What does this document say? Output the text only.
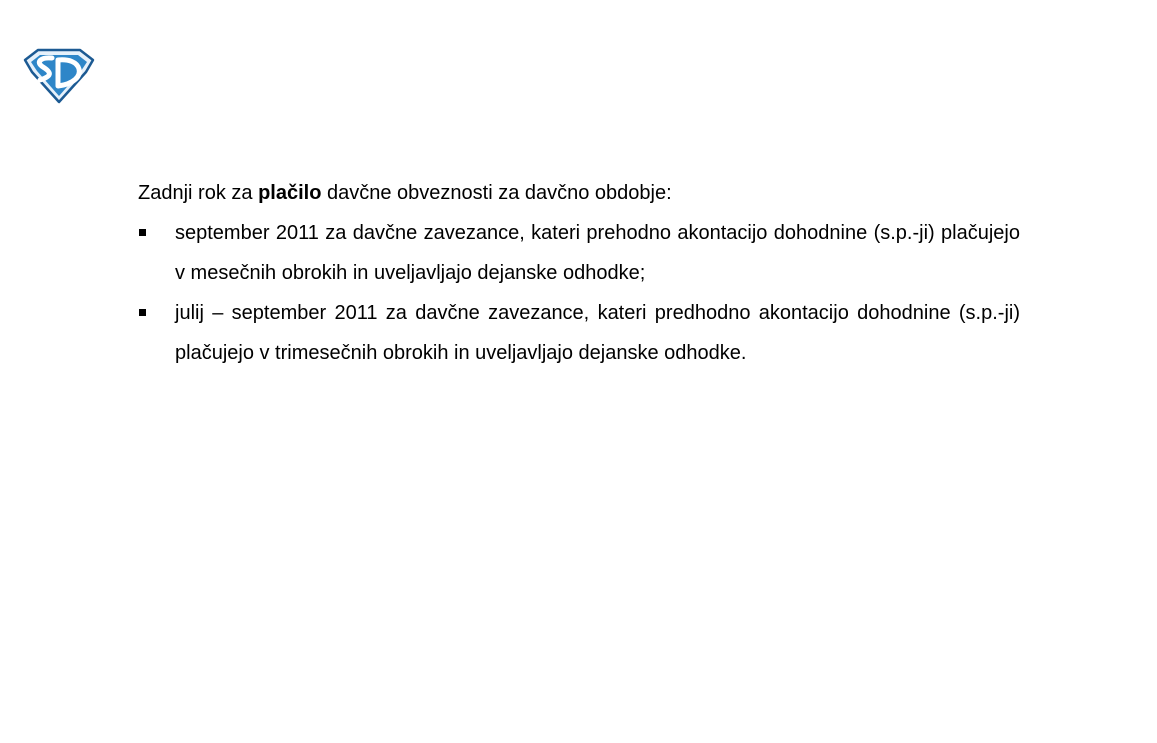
Zadnji rok za plačilo davčne obveznosti za davčno obdobje:

september 2011 za davčne zavezance, kateri prehodno akontacijo dohodnine (s.p.-ji) plačujejo v mesečnih obrokih in uveljavljajo dejanske odhodke;
julij – september 2011 za davčne zavezance, kateri predhodno akontacijo dohodnine (s.p.-ji) plačujejo v trimesečnih obrokih in uveljavljajo dejanske odhodke.
